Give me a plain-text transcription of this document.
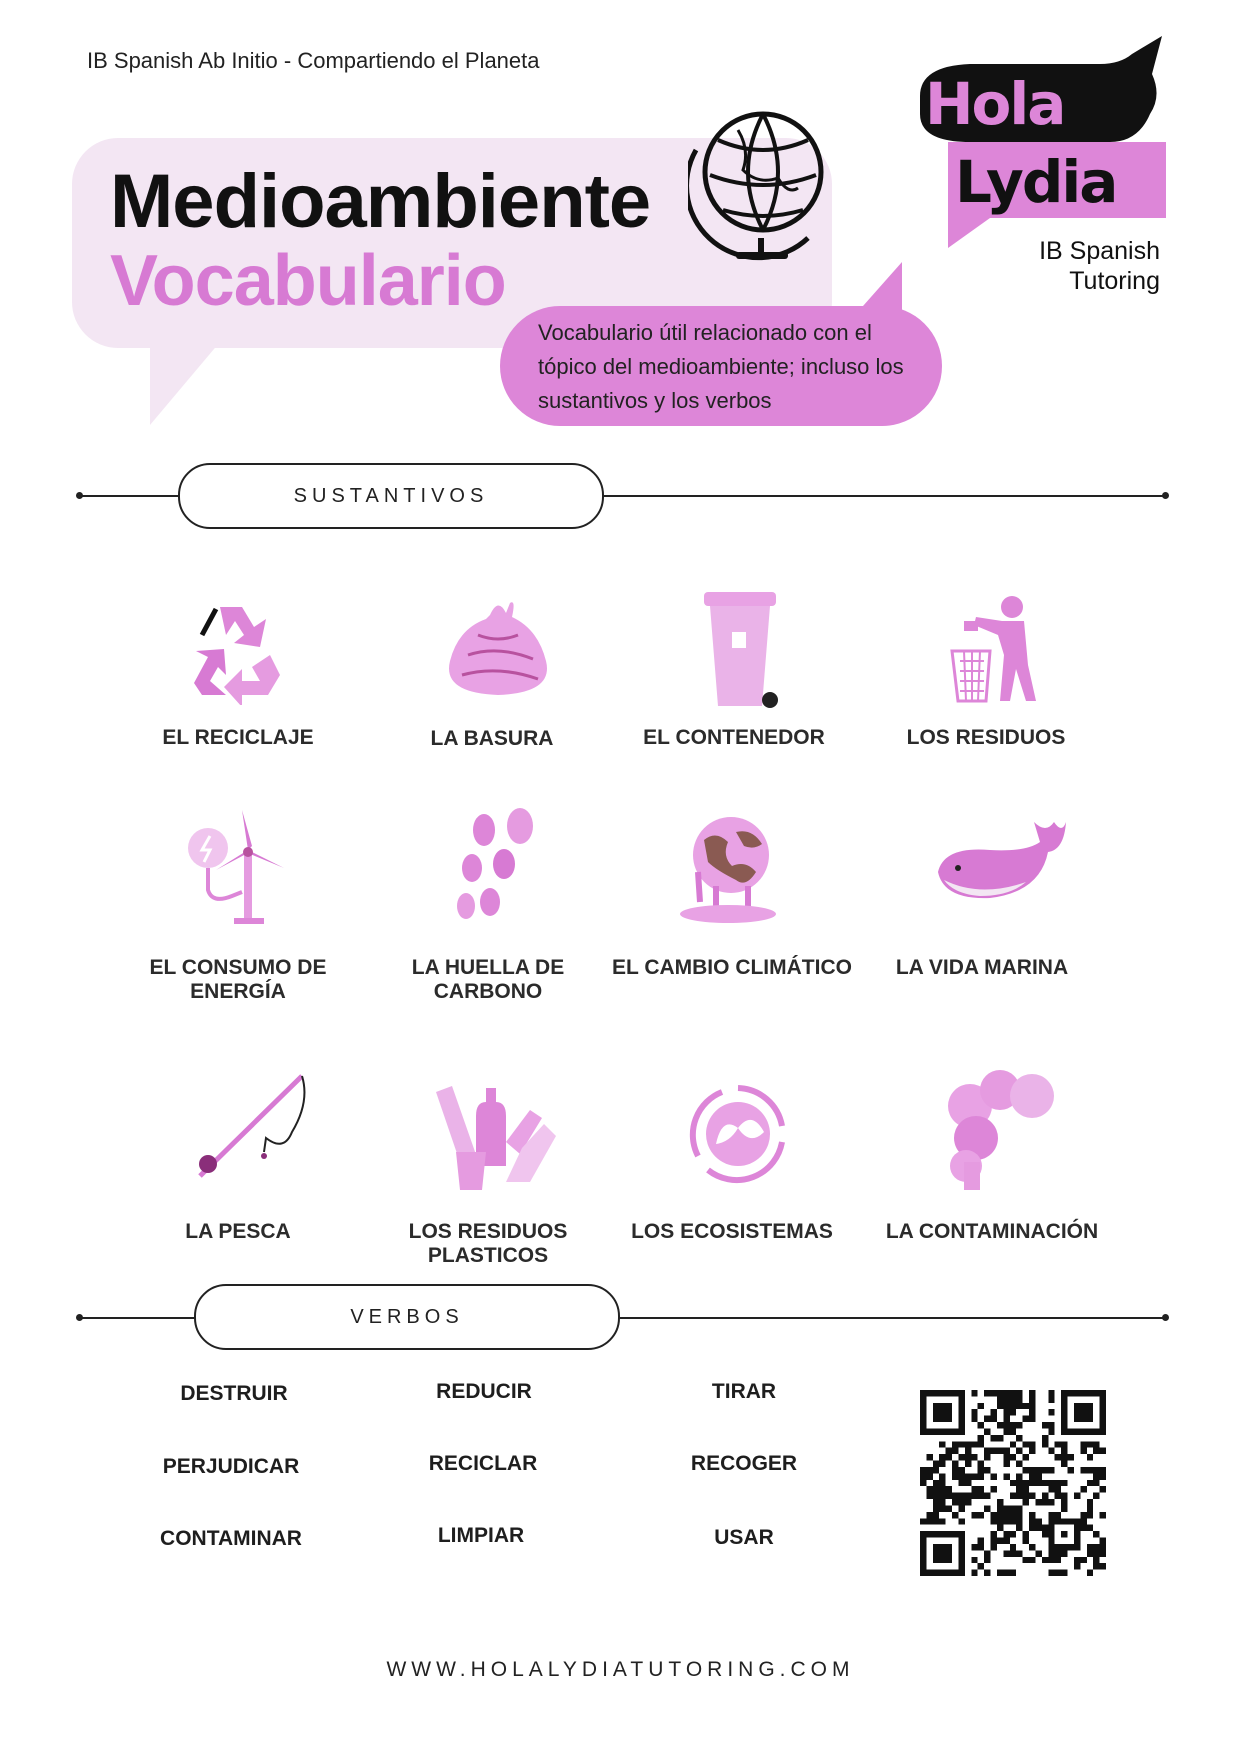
IB Spanish Ab Initio - Compartiendo el Planeta
Medioambiente
Vocabulario
Vocabulario útil relacionado con el tópico del medioambiente; incluso los sustantivos y los verbos
Hola
Lydia
IB Spanish
Tutoring
SUSTANTIVOS
EL RECICLAJE	LA BASURA	EL CONTENEDOR	LOS RESIDUOS
EL CONSUMO DE ENERGÍA
LA HUELLA DE CARBONO
EL CAMBIO CLIMÁTICO	LA VIDA MARINA
LA PESCA	LOS RESIDUOS PLASTICOS
LOS ECOSISTEMAS	LA CONTAMINACIÓN
VERBOS
DESTRUIR	REDUCIR	TIRAR
PERJUDICAR	RECICLAR	RECOGER
CONTAMINAR	LIMPIAR	USAR
WWW.HOLALYDIATUTORING.COM
